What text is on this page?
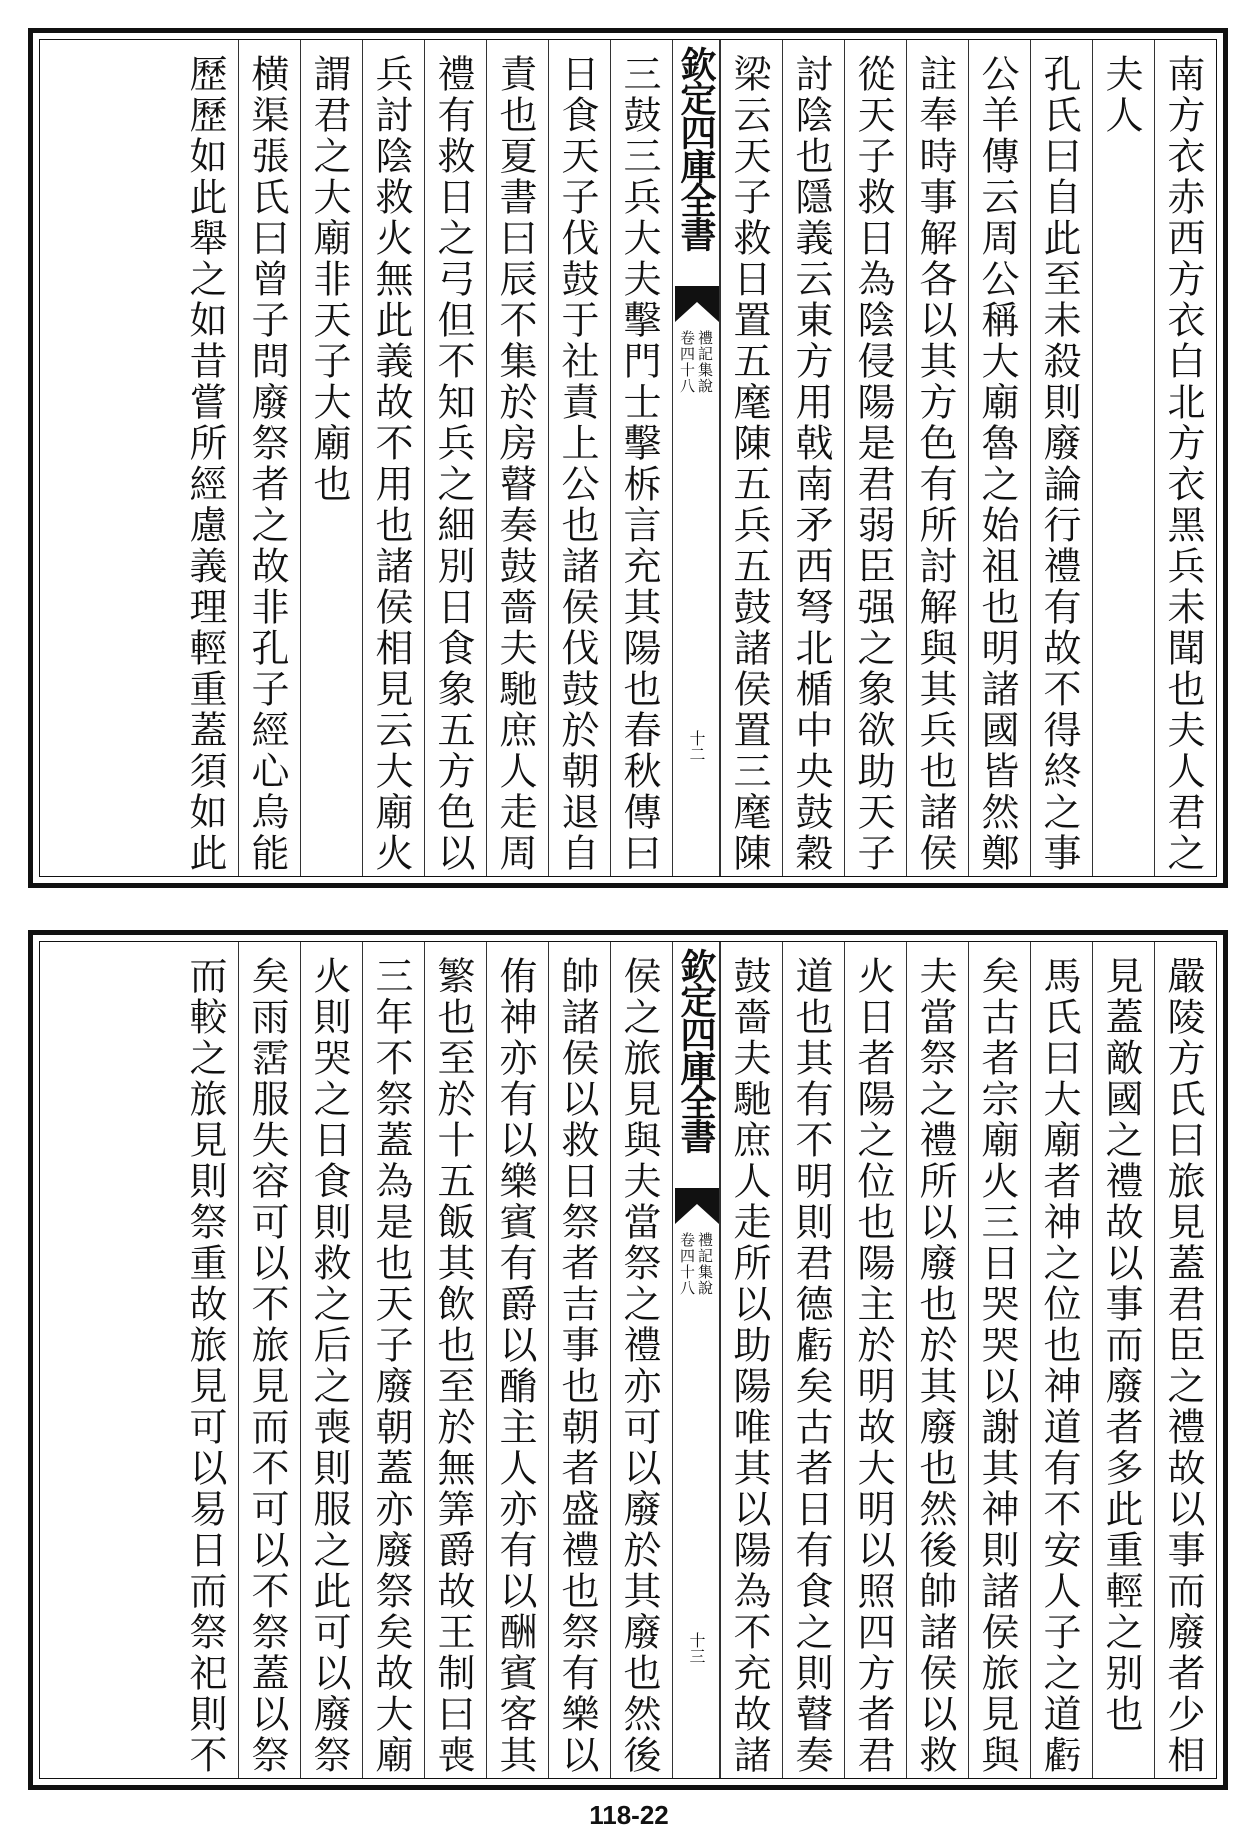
南方衣赤西方衣白北方衣黑兵未聞也夫人君之
夫人
孔氏曰自此至未殺則廢論行禮有故不得終之事
公羊傳云周公稱大廟魯之始祖也明諸國皆然鄭
註奉時事解各以其方色有所討解與其兵也諸侯
從天子救日為陰侵陽是君弱臣强之象欲助天子
討陰也隱義云東方用戟南矛西弩北楯中央鼓穀
梁云天子救日置五麾陳五兵五鼓諸侯置三麾陳
欽定四庫全書
禮記集說
卷四十八
十二
三鼓三兵大夫擊門士擊柝言充其陽也春秋傳曰
日食天子伐鼓于社責上公也諸侯伐鼓於朝退自
責也夏書曰辰不集於房瞽奏鼓嗇夫馳庶人走周
禮有救日之弓但不知兵之細別日食象五方色以
兵討陰救火無此義故不用也諸侯相見云大廟火
謂君之大廟非天子大廟也
横渠張氏曰曾子問廢祭者之故非孔子經心烏能
歷歷如此舉之如昔嘗所經慮義理輕重蓋須如此
嚴陵方氏曰旅見蓋君臣之禮故以事而廢者少相
見蓋敵國之禮故以事而廢者多此重輕之别也
馬氏曰大廟者神之位也神道有不安人子之道虧
矣古者宗廟火三日哭哭以謝其神則諸侯旅見與
夫當祭之禮所以廢也於其廢也然後帥諸侯以救
火日者陽之位也陽主於明故大明以照四方者君
道也其有不明則君德虧矣古者日有食之則瞽奏
鼓嗇夫馳庶人走所以助陽唯其以陽為不充故諸
欽定四庫全書
禮記集說
卷四十八
十三
侯之旅見與夫當祭之禮亦可以廢於其廢也然後
帥諸侯以救日祭者吉事也朝者盛禮也祭有樂以
侑神亦有以樂賓有爵以酳主人亦有以酬賓客其
繁也至於十五飯其飲也至於無筭爵故王制曰喪
三年不祭蓋為是也天子廢朝蓋亦廢祭矣故大廟
火則哭之日食則救之后之喪則服之此可以廢祭
矣雨霑服失容可以不旅見而不可以不祭蓋以祭
而較之旅見則祭重故旅見可以易日而祭祀則不
118-22
